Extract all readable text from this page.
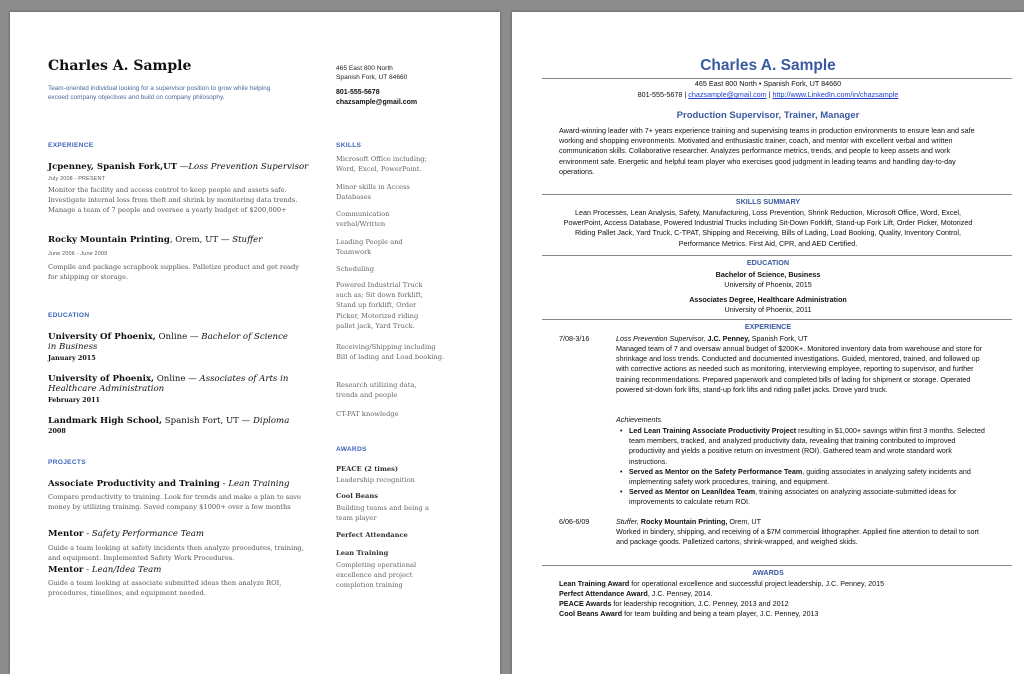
Charles A. Sample
Team-oriented individual looking for a supervisor position to grow while helping exceed company objectives and build on company philosophy.
465 East 800 North
Spanish Fork, UT 84660
801-555-5678
chazsample@gmail.com
EXPERIENCE
Jcpenney, Spanish Fork,UT —Loss Prevention Supervisor
July 2008 - PRESENT
Monitor the facility and access control to keep people and assets safe. Investigate internal loss from theft and shrink by monitoring data trends. Manage a team of 7 people and oversee a yearly budget of $200,000+
Rocky Mountain Printing, Orem, UT — Stuffer
June 2006 - June 2009
Compile and package scrapbook supplies. Palletize product and get ready for shipping or storage.
EDUCATION
University Of Phoenix, Online — Bachelor of Science in Business
January 2015
University of Phoenix, Online — Associates of Arts in Healthcare Administration
February 2011
Landmark High School, Spanish Fort, UT — Diploma
2008
PROJECTS
Associate Productivity and Training - Lean Training
Compare productivity to training. Look for trends and make a plan to save money by utilizing training. Saved company $1000+ over a few months
Mentor - Safety Performance Team
Guide a team looking at safety incidents then analyze procedures, training, and equipment. Implemented Safety Work Procedures.
Mentor - Lean/Idea Team
Guide a team looking at associate submitted ideas then analyze ROI, procedures, timelines, and equipment needed.
SKILLS
Microsoft Office including; Word, Excel, PowerPoint.
Minor skills in Access Databases
Communication verbal/Written
Leading People and Teamwork
Scheduling
Powered Industrial Truck such as; Sit down forklift, Stand up forklift, Order Picker, Motorized riding pallet jack, Yard Truck.
Receiving/Shipping including Bill of lading and Load booking.
Research utilizing data, trends and people
CT-PAT knowledge
AWARDS
PEACE (2 times)
Leadership recognition
Cool Beans
Building teams and being a team player
Perfect Attendance
Lean Training
Completing operational excellence and project completion training
Charles A. Sample
465 East 800 North • Spanish Fork, UT 84660
801-555-5678 | chazsample@gmail.com | http://www.LinkedIn.com/in/chazsample
Production Supervisor, Trainer, Manager
Award-winning leader with 7+ years experience training and supervising teams in production environments to ensure lean and safe working and shopping environments. Motivated and enthusiastic trainer, coach, and mentor with excellent verbal and written communication skills. Collaborative researcher. Analyzes performance metrics, trends, and people to keep assets and work environment safe. Energetic and helpful team player who exercises good judgment in leading teams and handling day-to-day operations.
SKILLS SUMMARY
Lean Processes, Lean Analysis, Safety, Manufacturing, Loss Prevention, Shrink Reduction, Microsoft Office, Word, Excel, PowerPoint, Access Database, Powered Industrial Trucks including Sit-Down Forklift, Stand-up Fork Lift, Order Picker, Motorized Riding Pallet Jack, Yard Truck, C-TPAT, Shipping and Receiving, Bills of Lading, Load Booking, Quality, Inventory Control, Performance Metrics. First Aid, CPR, and AED Certified.
EDUCATION
Bachelor of Science, Business
University of Phoenix, 2015
Associates Degree, Healthcare Administration
University of Phoenix, 2011
EXPERIENCE
7/08-3/16	Loss Prevention Supervisor, J.C. Penney, Spanish Fork, UT
Managed team of 7 and oversaw annual budget of $200K+. Monitored inventory data from warehouse and store for shrinkage and loss trends. Conducted and documented investigations. Guided, mentored, trained, and followed up with corrective actions as needed such as monitoring, interviewing employee, reporting to supervisor, and further training recommendations. Prepared paperwork and completed bills of lading for shipment or storage. Operated powered sit-down fork lifts, stand-up fork lifts and riding pallet jacks. Drove yard truck.
Achievements
• Led Lean Training Associate Productivity Project resulting in $1,000+ savings within first 3 months. Selected team members, tracked, and analyzed productivity data, revealing that training contributed to improved productivity and yields a positive return on investment (ROI). Gathered team and wrote standard work instructions.
• Served as Mentor on the Safety Performance Team, guiding associates in analyzing safety incidents and implementing safety work procedures, training, and equipment.
• Served as Mentor on Lean/Idea Team, training associates on analyzing associate-submitted ideas for improvements to calculate return ROI.
6/06-6/09	Stuffer, Rocky Mountain Printing, Orem, UT
Worked in bindery, shipping, and receiving of a $7M commercial lithographer. Applied fine attention to detail to sort and package goods. Palletized cartons, shrink-wrapped, and weighed skids.
AWARDS
Lean Training Award for operational excellence and successful project leadership, J.C. Penney, 2015
Perfect Attendance Award, J.C. Penney, 2014.
PEACE Awards for leadership recognition, J.C. Penney, 2013 and 2012
Cool Beans Award for team building and being a team player, J.C. Penney, 2013
